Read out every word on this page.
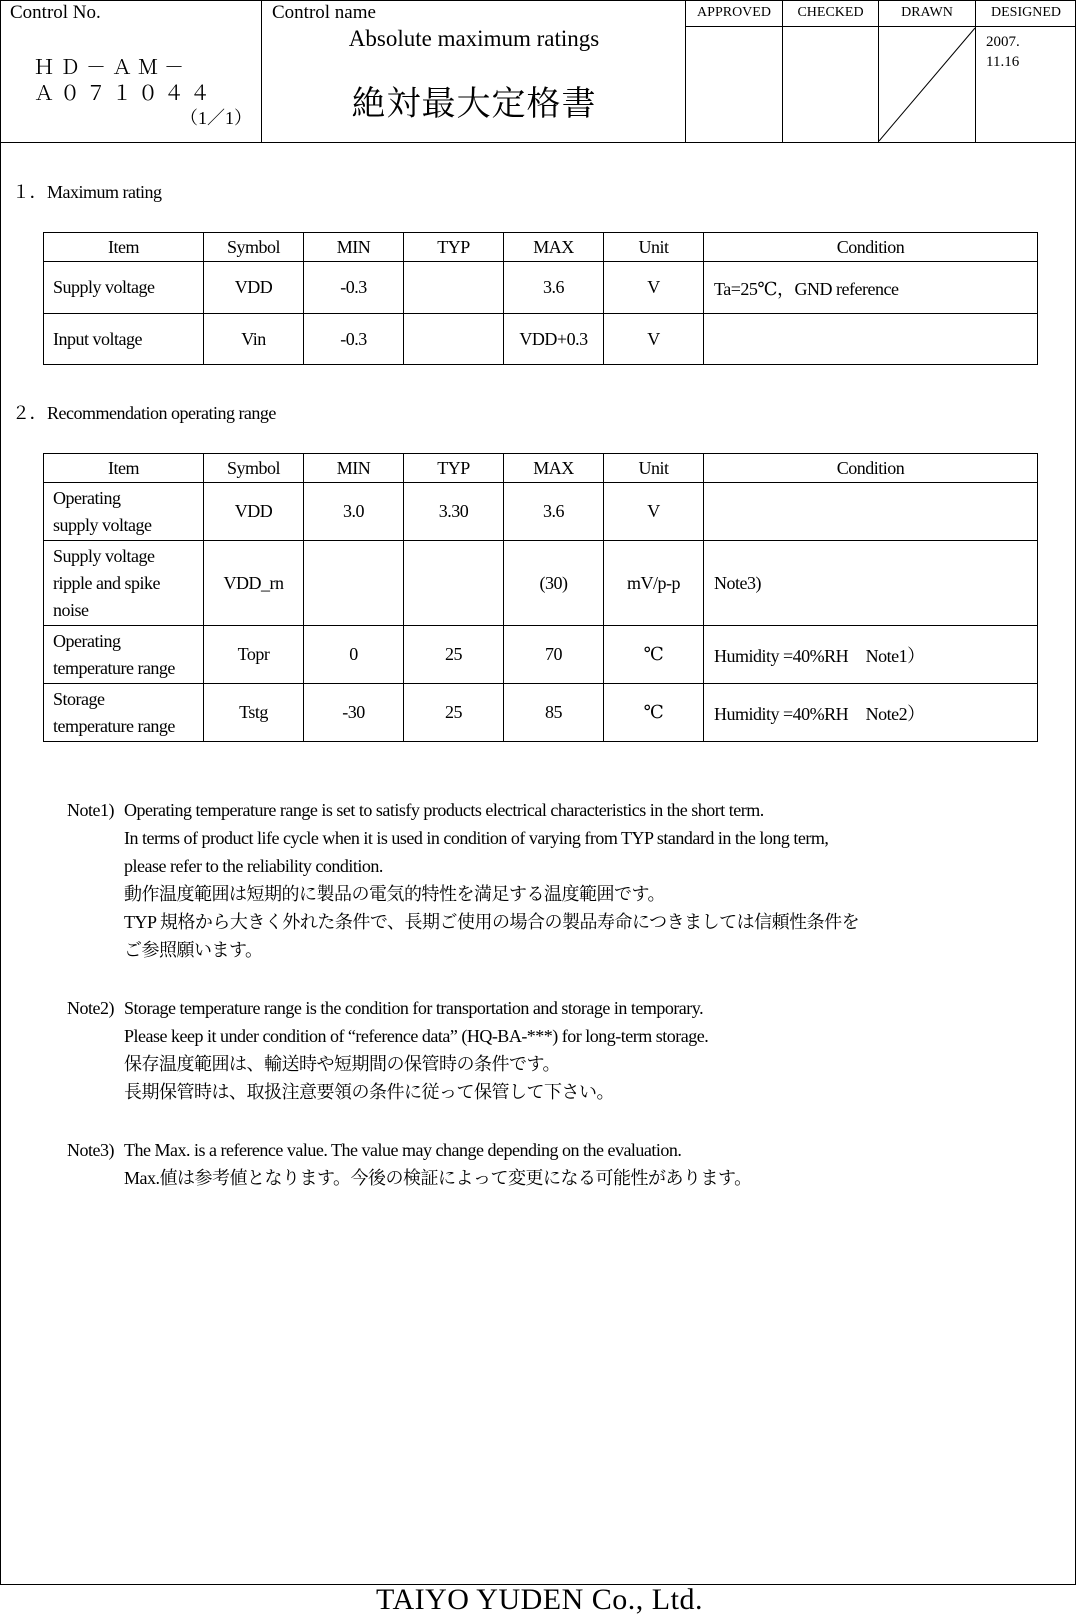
Control No.
ＨＤ－ＡＭ－
Ａ０７１０４４
（1／1）
Control name
Absolute maximum ratings
絶対最大定格書
APPROVED	CHECKED	DRAWN	DESIGNED
2007.
11.16
１．Maximum rating
Item	Symbol	MIN	TYP	MAX	Unit	Condition
Supply voltage	VDD	-0.3		3.6	V	Ta=25℃，GND reference
Input voltage	Vin	-0.3		VDD+0.3	V	
２．Recommendation operating range
Item	Symbol	MIN	TYP	MAX	Unit	Condition

Operating
supply voltage	VDD	3.0	3.30	3.6	V	

Supply voltage
ripple and spike
noise	VDD_rn			(30)	mV/p-p	Note3)

Operating
temperature range	Topr	0	25	70	℃	Humidity =40%RH　Note1）

Storage
temperature range	Tstg	-30	25	85	℃	Humidity =40%RH　Note2）
Note1) Operating temperature range is set to satisfy products electrical characteristics in the short term.
In terms of product life cycle when it is used in condition of varying from TYP standard in the long term,
please refer to the reliability condition.
動作温度範囲は短期的に製品の電気的特性を満足する温度範囲です。
TYP 規格から大きく外れた条件で、長期ご使用の場合の製品寿命につきましては信頼性条件を
ご参照願います。
Note2) Storage temperature range is the condition for transportation and storage in temporary.
Please keep it under condition of “reference data” (HQ-BA-***) for long-term storage.
保存温度範囲は、輸送時や短期間の保管時の条件です。
長期保管時は、取扱注意要領の条件に従って保管して下さい。
Note3) The Max. is a reference value. The value may change depending on the evaluation.
Max.値は参考値となります。今後の検証によって変更になる可能性があります。
TAIYO YUDEN Co., Ltd.
